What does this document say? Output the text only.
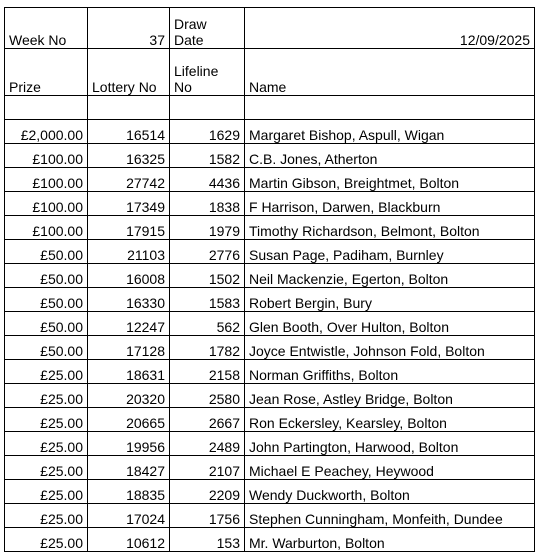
Week No	37	Draw Date	12/09/2025
Prize	Lottery No	Lifeline No	Name

£2,000.00	16514	1629	Margaret Bishop, Aspull, Wigan
£100.00	16325	1582	C.B. Jones, Atherton
£100.00	27742	4436	Martin Gibson, Breightmet, Bolton
£100.00	17349	1838	F Harrison, Darwen, Blackburn
£100.00	17915	1979	Timothy Richardson, Belmont, Bolton
£50.00	21103	2776	Susan Page, Padiham, Burnley
£50.00	16008	1502	Neil Mackenzie, Egerton, Bolton
£50.00	16330	1583	Robert Bergin, Bury
£50.00	12247	562	Glen Booth, Over Hulton, Bolton
£50.00	17128	1782	Joyce Entwistle, Johnson Fold, Bolton
£25.00	18631	2158	Norman Griffiths, Bolton
£25.00	20320	2580	Jean Rose, Astley Bridge, Bolton
£25.00	20665	2667	Ron Eckersley, Kearsley, Bolton
£25.00	19956	2489	John Partington, Harwood, Bolton
£25.00	18427	2107	Michael E Peachey, Heywood
£25.00	18835	2209	Wendy Duckworth, Bolton
£25.00	17024	1756	Stephen Cunningham, Monfeith, Dundee
£25.00	10612	153	Mr. Warburton, Bolton
